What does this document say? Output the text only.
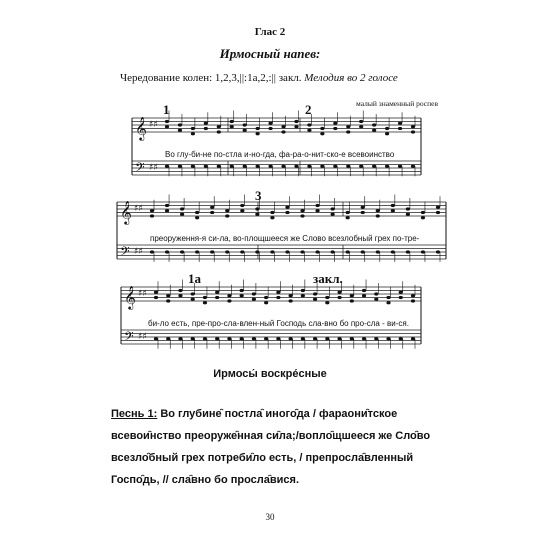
Глас 2
Ирмосный напев:
Чередование колен: 1,2,3,||:1а,2,:|| закл. Мелодия во 2 голосе
малый знаменный роспев
𝄞 ♯♯
𝄢 ♯♯
𝄞 ♯♯
𝄢 ♯♯
𝄞 ♯♯
𝄢 ♯♯
1	2
Во глу-би-не по-стла и-но-гда, фа-ра-о-нит-ско-е всевоинство
3
преоруження-я си-ла, во-площшееся же Слово всезлобный грех по-тре-
1а	закл.
би-ло есть, пре-про-сла-влен-ный Господь сла-вно бо про-сла - ви-ся.
Ирмосы́ воскре́сные
Песнь 1: Во глубине̑ постла̑ иного̑да / фараони̑тское всевои̑нство преоруже̑нная си̑ла;/вопло̑щшееся же Сло̑во всезло̑бный грех потреби̑ло есть, / препросла̑вленный Госпо̑дь, // сла̑вно бо просла̑вися.
30
